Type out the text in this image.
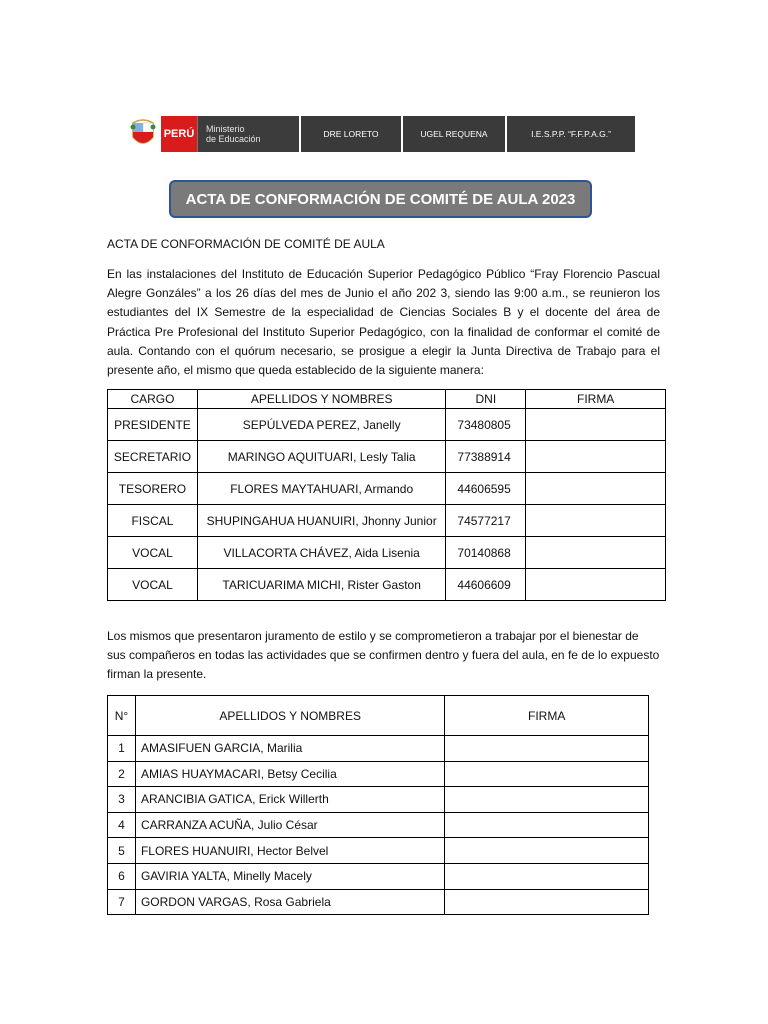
PERÚ	Ministerio
de Educación	DRE LORETO	UGEL REQUENA	I.E.S.P.P. “F.F.P.A.G.”
ACTA DE CONFORMACIÓN DE COMITÉ DE AULA 2023
ACTA DE CONFORMACIÓN DE COMITÉ DE AULA

En las instalaciones del Instituto de Educación Superior Pedagógico Público “Fray Florencio Pascual Alegre Gonzáles” a los 26 días del mes de Junio el año 202 3, siendo las 9:00 a.m., se reunieron los estudiantes del IX Semestre de la especialidad de Ciencias Sociales B y el docente del área de Práctica Pre Profesional del Instituto Superior Pedagógico, con la finalidad de conformar el comité de aula. Contando con el quórum necesario, se prosigue a elegir la Junta Directiva de Trabajo para el presente año, el mismo que queda establecido de la siguiente manera:

CARGO	APELLIDOS Y NOMBRES	DNI	FIRMA
PRESIDENTE	SEPÚLVEDA PEREZ, Janelly	73480805	
SECRETARIO	MARINGO AQUITUARI, Lesly Talia	77388914	
TESORERO	FLORES MAYTAHUARI, Armando	44606595	
FISCAL	SHUPINGAHUA HUANUIRI, Jhonny Junior	74577217	
VOCAL	VILLACORTA CHÁVEZ, Aida Lisenia	70140868	
VOCAL	TARICUARIMA MICHI, Rister Gaston	44606609	

Los mismos que presentaron juramento de estilo y se comprometieron a trabajar por el bienestar de sus compañeros en todas las actividades que se confirmen dentro y fuera del aula, en fe de lo expuesto firman la presente.

N°	APELLIDOS Y NOMBRES	FIRMA
1	AMASIFUEN GARCIA, Marilia	
2	AMIAS HUAYMACARI, Betsy Cecilia	
3	ARANCIBIA GATICA, Erick Willerth	
4	CARRANZA ACUÑA, Julio César	
5	FLORES HUANUIRI, Hector Belvel	
6	GAVIRIA YALTA, Minelly Macely	
7	GORDON VARGAS, Rosa Gabriela	
